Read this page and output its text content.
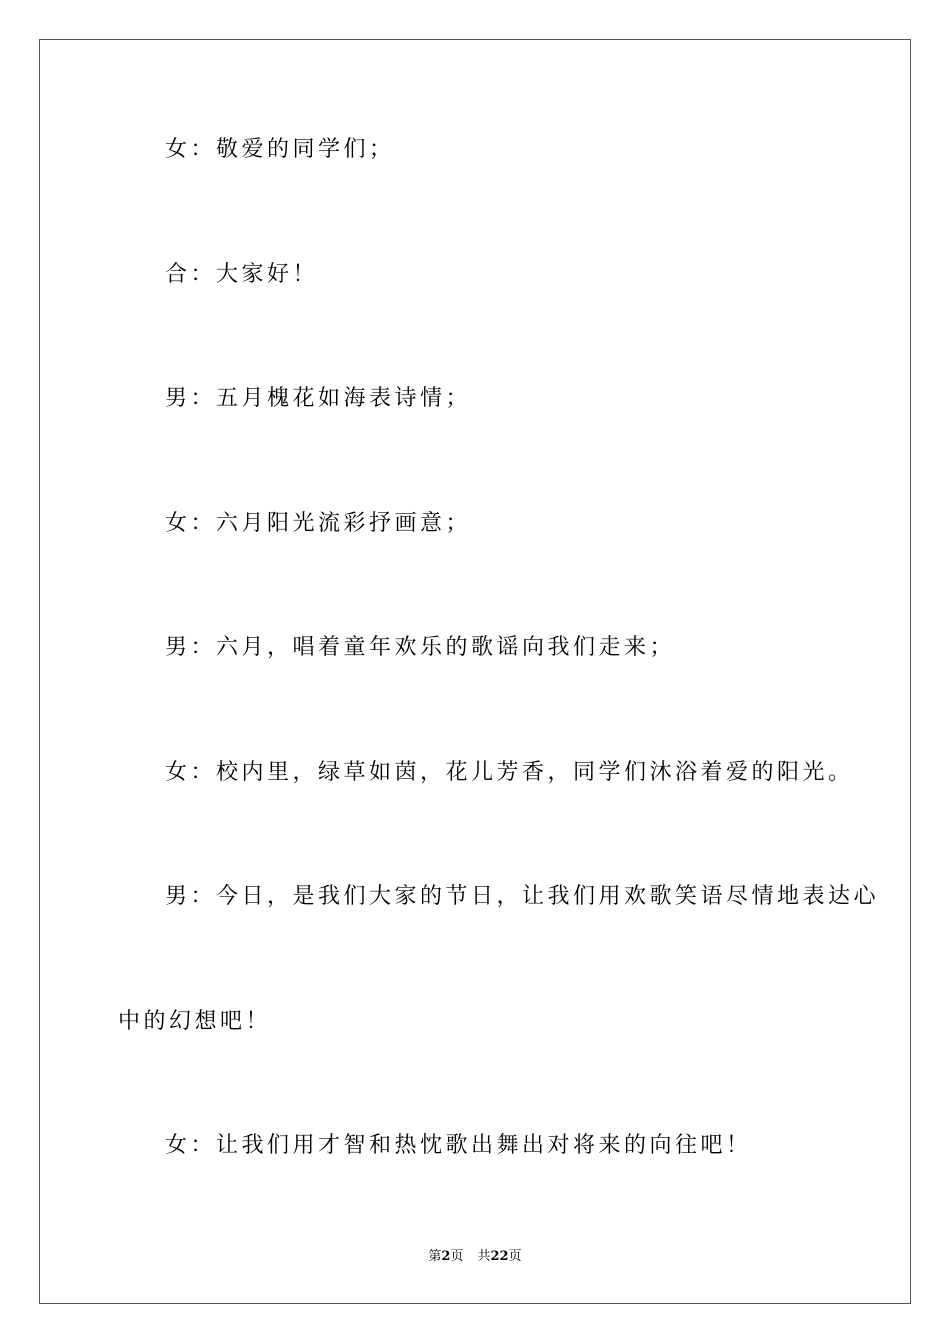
女：敬爱的同学们；
合：大家好！
男：五月槐花如海表诗情；
女：六月阳光流彩抒画意；
男：六月，唱着童年欢乐的歌谣向我们走来；
女：校内里，绿草如茵，花儿芳香，同学们沐浴着爱的阳光。
男：今日，是我们大家的节日，让我们用欢歌笑语尽情地表达心
中的幻想吧！
女：让我们用才智和热忱歌出舞出对将来的向往吧！
第2页 共22页
